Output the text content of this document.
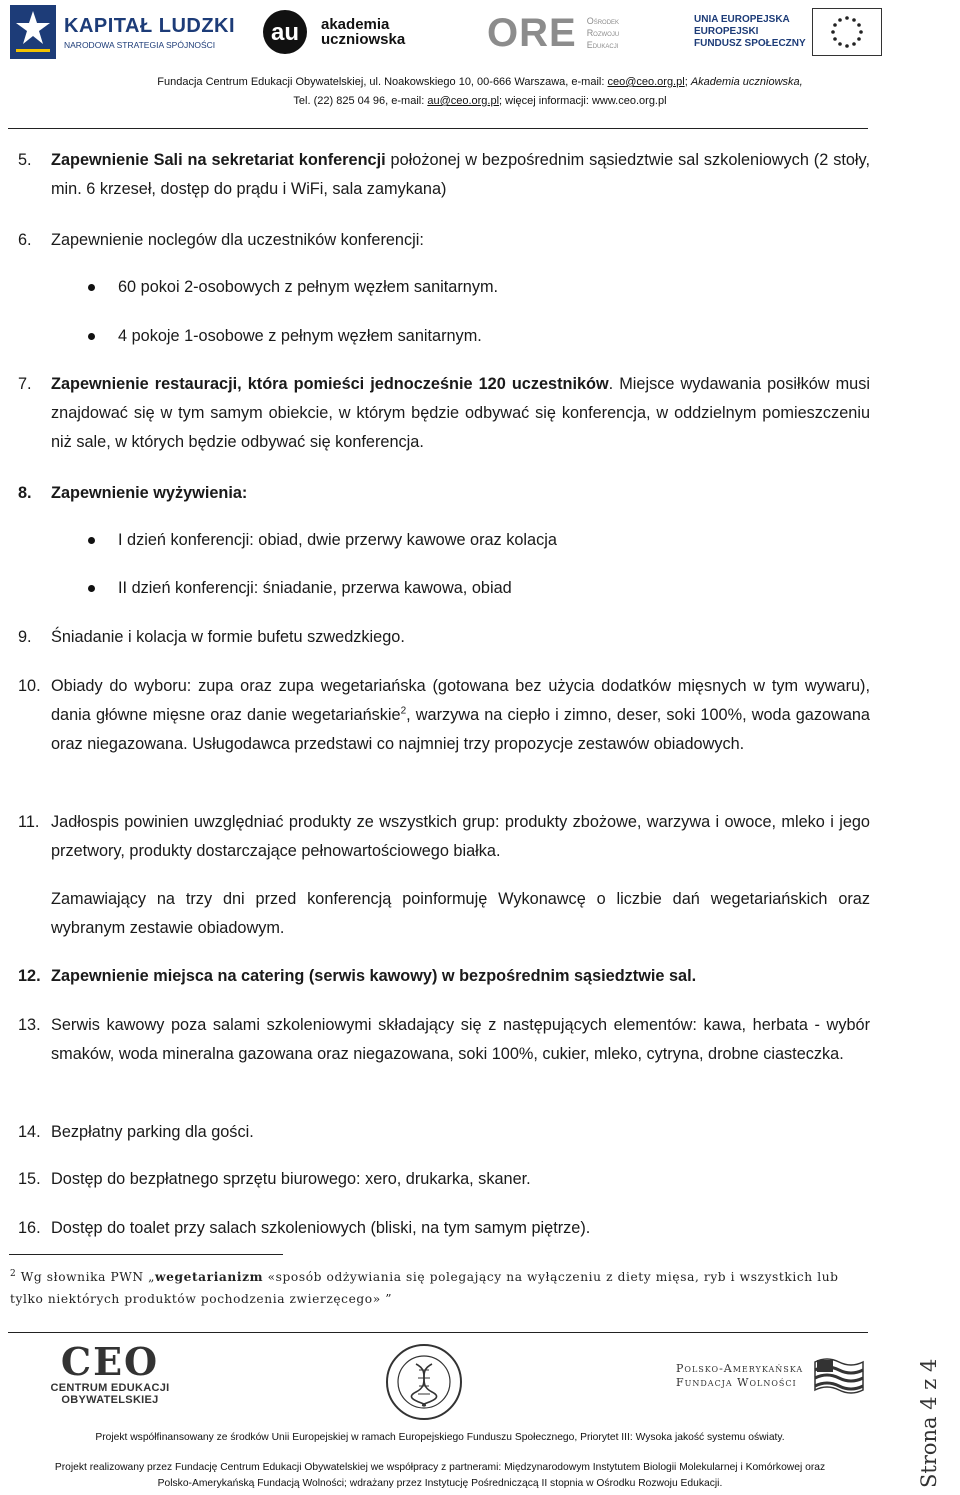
KAPITAŁ LUDZKI
NARODOWA STRATEGIA SPÓJNOŚCI	au akademia
uczniowska ORE Ośrodek
Rozwoju
Edukacji
UNIA EUROPEJSKA
EUROPEJSKI
FUNDUSZ SPOŁECZNY
Fundacja Centrum Edukacji Obywatelskiej, ul. Noakowskiego 10, 00-666 Warszawa, e-mail: ceo@ceo.org.pl; Akademia uczniowska,
Tel. (22) 825 04 96, e-mail: au@ceo.org.pl; więcej informacji: www.ceo.org.pl
5. Zapewnienie Sali na sekretariat konferencji położonej w bezpośrednim sąsiedztwie sal szkoleniowych (2 stoły, min. 6 krzeseł, dostęp do prądu i WiFi, sala zamykana)
6. Zapewnienie noclegów dla uczestników konferencji:
60 pokoi 2-osobowych z pełnym węzłem sanitarnym.
4 pokoje 1-osobowe z pełnym węzłem sanitarnym.
7. Zapewnienie restauracji, która pomieści jednocześnie 120 uczestników. Miejsce wydawania posiłków musi znajdować się w tym samym obiekcie, w którym będzie odbywać się konferencja, w oddzielnym pomieszczeniu niż sale, w których będzie odbywać się konferencja.
8. Zapewnienie wyżywienia:
I dzień konferencji: obiad, dwie przerwy kawowe oraz kolacja
II dzień konferencji: śniadanie, przerwa kawowa, obiad
9. Śniadanie i kolacja w formie bufetu szwedzkiego.
10. Obiady do wyboru: zupa oraz zupa wegetariańska (gotowana bez użycia dodatków mięsnych w tym wywaru), dania główne mięsne oraz danie wegetariańskie$^2$, warzywa na ciepło i zimno, deser, soki 100%, woda gazowana oraz niegazowana. Usługodawca przedstawi co najmniej trzy propozycje zestawów obiadowych.
11. Jadłospis powinien uwzględniać produkty ze wszystkich grup: produkty zbożowe, warzywa i owoce, mleko i jego przetwory, produkty dostarczające pełnowartościowego białka.
Zamawiający na trzy dni przed konferencją poinformuję Wykonawcę o liczbie dań wegetariańskich oraz wybranym zestawie obiadowym.
12. Zapewnienie miejsca na catering (serwis kawowy) w bezpośrednim sąsiedztwie sal.
13. Serwis kawowy poza salami szkoleniowymi składający się z następujących elementów: kawa, herbata - wybór smaków, woda mineralna gazowana oraz niegazowana, soki 100%, cukier, mleko, cytryna, drobne ciasteczka.
14. Bezpłatny parking dla gości.
15. Dostęp do bezpłatnego sprzętu biurowego: xero, drukarka, skaner.
16. Dostęp do toalet przy salach szkoleniowych (bliski, na tym samym piętrze).
$^2$ Wg słownika PWN „wegetarianizm «sposób odżywiania się polegający na wyłączeniu z diety mięsa, ryb i wszystkich lub tylko niektórych produktów pochodzenia zwierzęcego» ”
CEO
CENTRUM EDUKACJI OBYWATELSKIEJ
Polsko-Amerykańska
Fundacja Wolności
Projekt współfinansowany ze środków Unii Europejskiej w ramach Europejskiego Funduszu Społecznego, Priorytet III: Wysoka jakość systemu oświaty.
Projekt realizowany przez Fundację Centrum Edukacji Obywatelskiej we współpracy z partnerami: Międzynarodowym Instytutem Biologii Molekularnej i Komórkowej oraz
Polsko-Amerykańską Fundacją Wolności; wdrażany przez Instytucję Pośredniczącą II stopnia w Ośrodku Rozwoju Edukacji.	Strona 4 z 4
